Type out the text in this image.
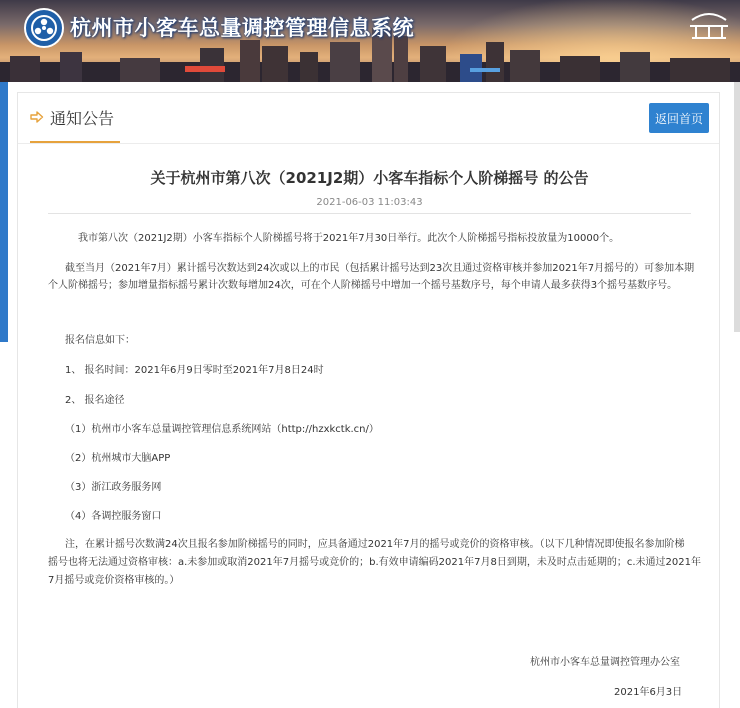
杭州市小客车总量调控管理信息系统
通知公告	返回首页
关于杭州市第八次（2021J2期）小客车指标个人阶梯摇号 的公告
2021-06-03 11:03:43
我市第八次（2021J2期）小客车指标个人阶梯摇号将于2021年7月30日举行。此次个人阶梯摇号指标投放量为10000个。
截至当月（2021年7月）累计摇号次数达到24次或以上的市民（包括累计摇号达到23次且通过资格审核并参加2021年7月摇号的）可参加本期
个人阶梯摇号；参加增量指标摇号累计次数每增加24次，可在个人阶梯摇号中增加一个摇号基数序号，每个申请人最多获得3个摇号基数序号。
报名信息如下：
1、 报名时间：2021年6月9日零时至2021年7月8日24时
2、 报名途径
（1）杭州市小客车总量调控管理信息系统网站（http://hzxkctk.cn/）
（2）杭州城市大脑APP
（3）浙江政务服务网
（4）各调控服务窗口
注，在累计摇号次数满24次且报名参加阶梯摇号的同时，应具备通过2021年7月的摇号或竞价的资格审核。（以下几种情况即使报名参加阶梯
摇号也将无法通过资格审核：a.未参加或取消2021年7月摇号或竞价的；b.有效申请编码2021年7月8日到期，未及时点击延期的；c.未通过2021年
7月摇号或竞价资格审核的。）
杭州市小客车总量调控管理办公室
2021年6月3日
